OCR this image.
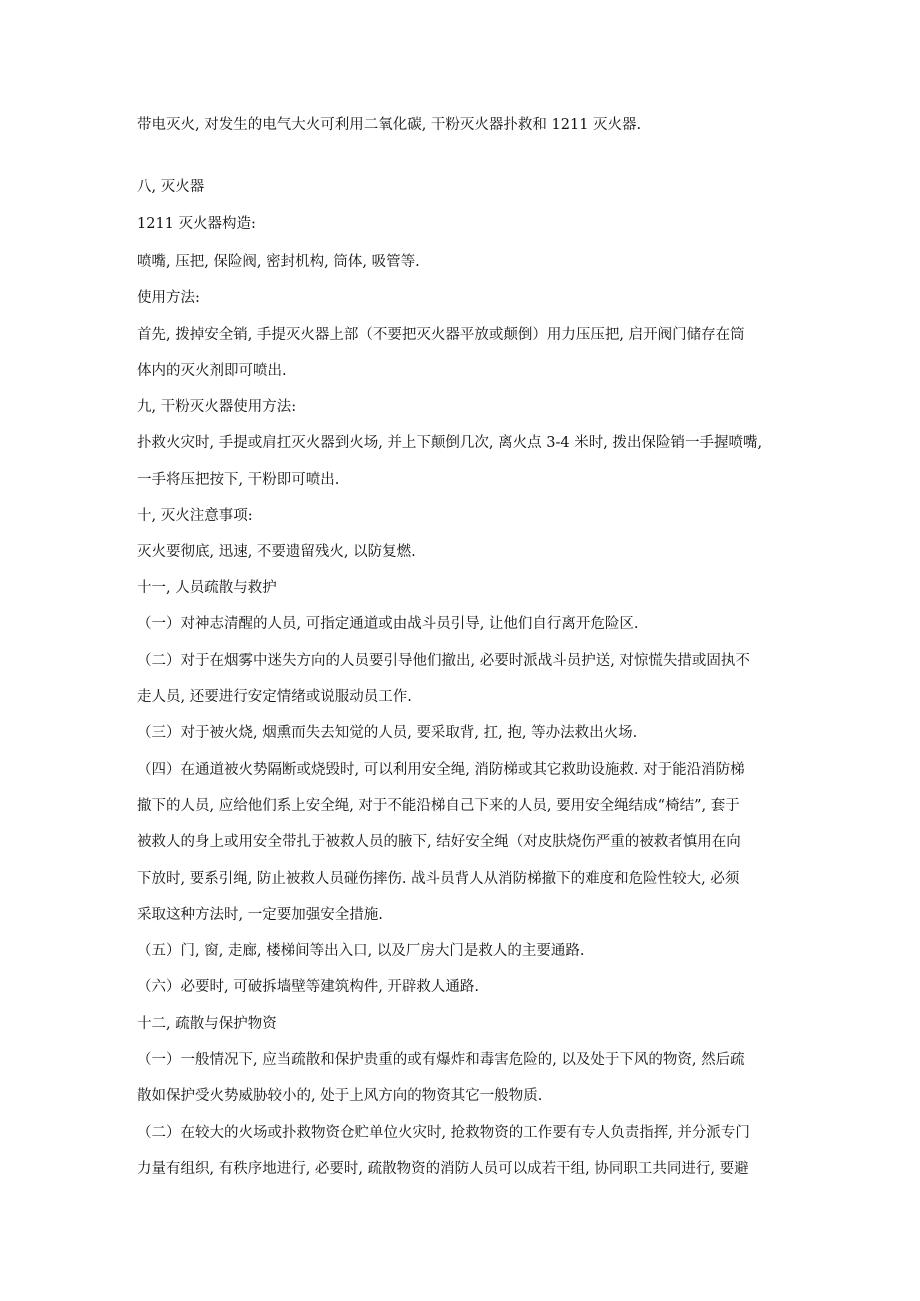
带电灭火, 对发生的电气大火可利用二氧化碳, 干粉灭火器扑救和 1211 灭火器.
八, 灭火器
1211 灭火器构造:
喷嘴, 压把, 保险阀, 密封机构, 筒体, 吸管等.
使用方法:
首先, 拨掉安全销, 手提灭火器上部（不要把灭火器平放或颠倒）用力压压把, 启开阀门储存在筒
体内的灭火剂即可喷出.
九, 干粉灭火器使用方法:
扑救火灾时, 手提或肩扛灭火器到火场, 并上下颠倒几次, 离火点 3-4 米时, 拨出保险销一手握喷嘴,
一手将压把按下, 干粉即可喷出.
十, 灭火注意事项:
灭火要彻底, 迅速, 不要遗留残火, 以防复燃.
十一, 人员疏散与救护
（一）对神志清醒的人员, 可指定通道或由战斗员引导, 让他们自行离开危险区.
（二）对于在烟雾中迷失方向的人员要引导他们撤出, 必要时派战斗员护送, 对惊慌失措或固执不
走人员, 还要进行安定情绪或说服动员工作.
（三）对于被火烧, 烟熏而失去知觉的人员, 要采取背, 扛, 抱, 等办法救出火场.
（四）在通道被火势隔断或烧毁时, 可以利用安全绳, 消防梯或其它救助设施救. 对于能沿消防梯
撤下的人员, 应给他们系上安全绳, 对于不能沿梯自己下来的人员, 要用安全绳结成“椅结”, 套于
被救人的身上或用安全带扎于被救人员的腋下, 结好安全绳（对皮肤烧伤严重的被救者慎用在向
下放时, 要系引绳, 防止被救人员碰伤摔伤. 战斗员背人从消防梯撤下的难度和危险性较大, 必须
采取这种方法时, 一定要加强安全措施.
（五）门, 窗, 走廊, 楼梯间等出入口, 以及厂房大门是救人的主要通路.
（六）必要时, 可破拆墙壁等建筑构件, 开辟救人通路.
十二, 疏散与保护物资
（一）一般情况下, 应当疏散和保护贵重的或有爆炸和毒害危险的, 以及处于下风的物资, 然后疏
散如保护受火势威胁较小的, 处于上风方向的物资其它一般物质.
（二）在较大的火场或扑救物资仓贮单位火灾时, 抢救物资的工作要有专人负责指挥, 并分派专门
力量有组织, 有秩序地进行, 必要时, 疏散物资的消防人员可以成若干组, 协同职工共同进行, 要避
